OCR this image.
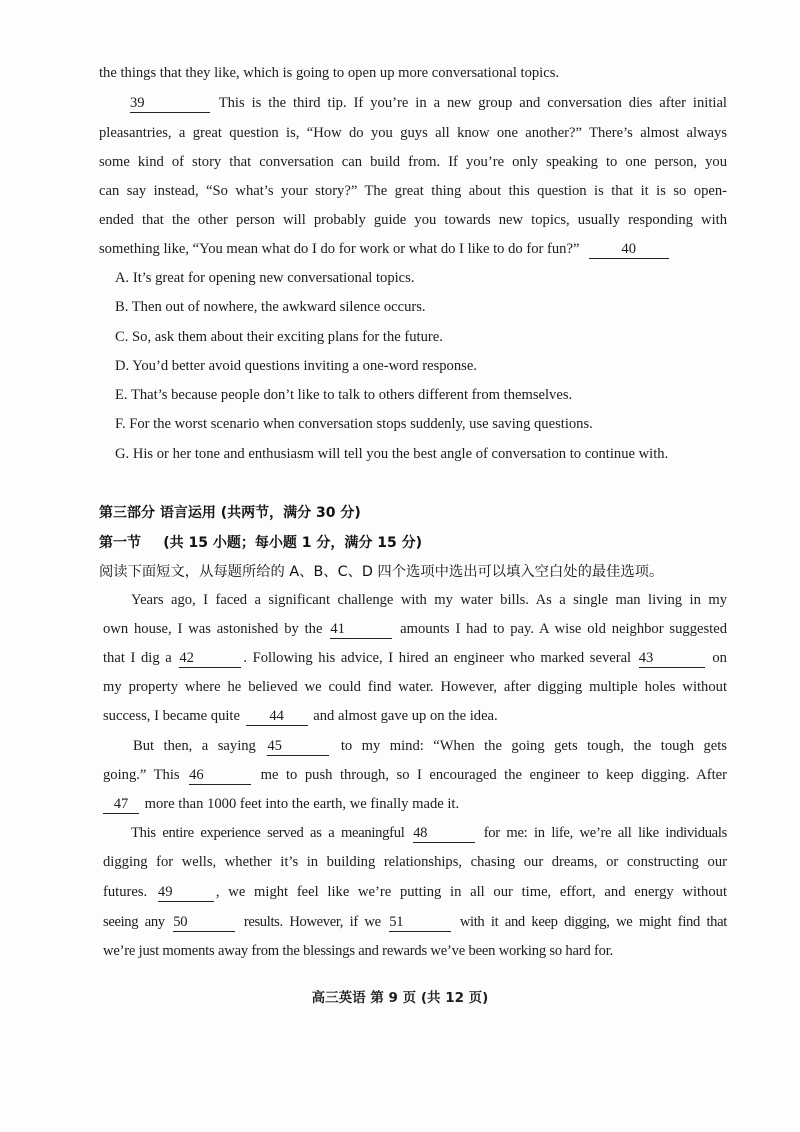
the things that they like, which is going to open up more conversational topics.
39	This is the third tip. If you’re in a new group and conversation dies after initial
pleasantries, a great question is, “How do you guys all know one another?” There’s almost always
some kind of story that conversation can build from. If you’re only speaking to one person, you
can say instead, “So what’s your story?” The great thing about this question is that it is so open-
ended that the other person will probably guide you towards new topics, usually responding with
something like, “You mean what do I do for work or what do I like to do for fun?”	40
A. It’s great for opening new conversational topics.
B. Then out of nowhere, the awkward silence occurs.
C. So, ask them about their exciting plans for the future.
D. You’d better avoid questions inviting a one-word response.
E. That’s because people don’t like to talk to others different from themselves.
F. For the worst scenario when conversation stops suddenly, use saving questions.
G. His or her tone and enthusiasm will tell you the best angle of conversation to continue with.
第三部分 语言运用 (共两节，满分 30 分)
第一节 (共 15 小题；每小题 1 分，满分 15 分)
阅读下面短文，从每题所给的 A、B、C、D 四个选项中选出可以填入空白处的最佳选项。
Years ago, I faced a significant challenge with my water bills. As a single man living in my
own house, I was astonished by the 41	amounts I had to pay. A wise old neighbor suggested
that I dig a 42	. Following his advice, I hired an engineer who marked several 43	on
my property where he believed we could find water. However, after digging multiple holes without
success, I became quite 44 and almost gave up on the idea.
But then, a saying 45	to my mind: “When the going gets tough, the tough gets
going.” This 46	me to push through, so I encouraged the engineer to keep digging. After
47 more than 1000 feet into the earth, we finally made it.
This entire experience served as a meaningful 48	for me: in life, we’re all like individuals
digging for wells, whether it’s in building relationships, chasing our dreams, or constructing our
futures. 49	, we might feel like we’re putting in all our time, effort, and energy without
seeing any 50	results. However, if we 51	with it and keep digging, we might find that
we’re just moments away from the blessings and rewards we’ve been working so hard for.
高三英语 第 9 页 (共 12 页)
